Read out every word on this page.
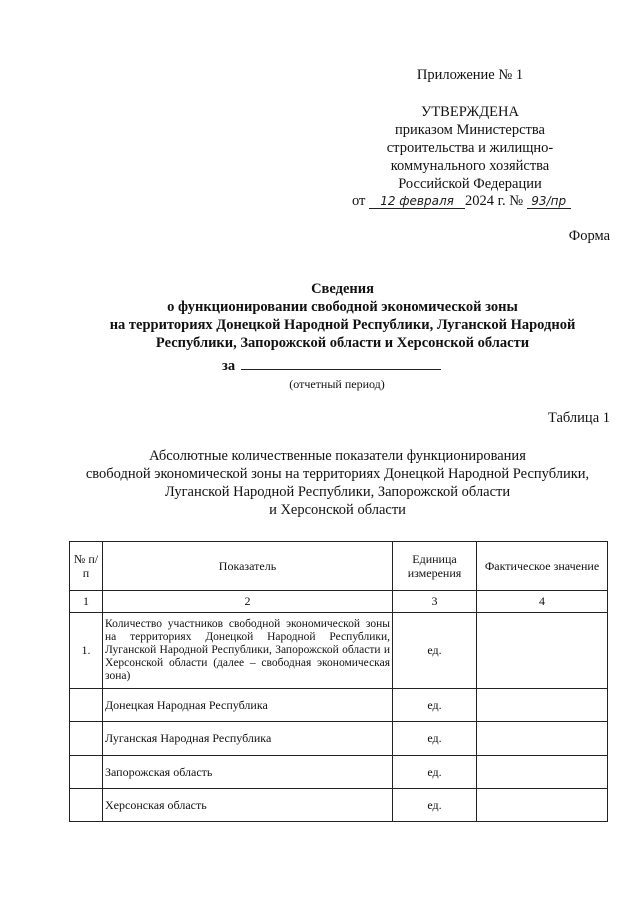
Приложение № 1
УТВЕРЖДЕНА
приказом Министерства
строительства и жилищно-
коммунального хозяйства
Российской Федерации
от 12 февраля 2024 г. № 93/пр
Форма
Сведения
о функционировании свободной экономической зоны
на территориях Донецкой Народной Республики, Луганской Народной
Республики, Запорожской области и Херсонской области
за
(отчетный период)
Таблица 1
Абсолютные количественные показатели функционирования
свободной экономической зоны на территориях Донецкой Народной Республики,
Луганской Народной Республики, Запорожской области
и Херсонской области
№ п/п	Показатель	Единица измерения	Фактическое значение
1	2	3	4
1.	Количество участников свободной экономической зоны на территориях Донецкой Народной Республики, Луганской Народной Республики, Запорожской области и Херсонской области (далее – свободная экономическая зона)	ед.	
	Донецкая Народная Республика	ед.	
	Луганская Народная Республика	ед.	
	Запорожская область	ед.	
	Херсонская область	ед.	
